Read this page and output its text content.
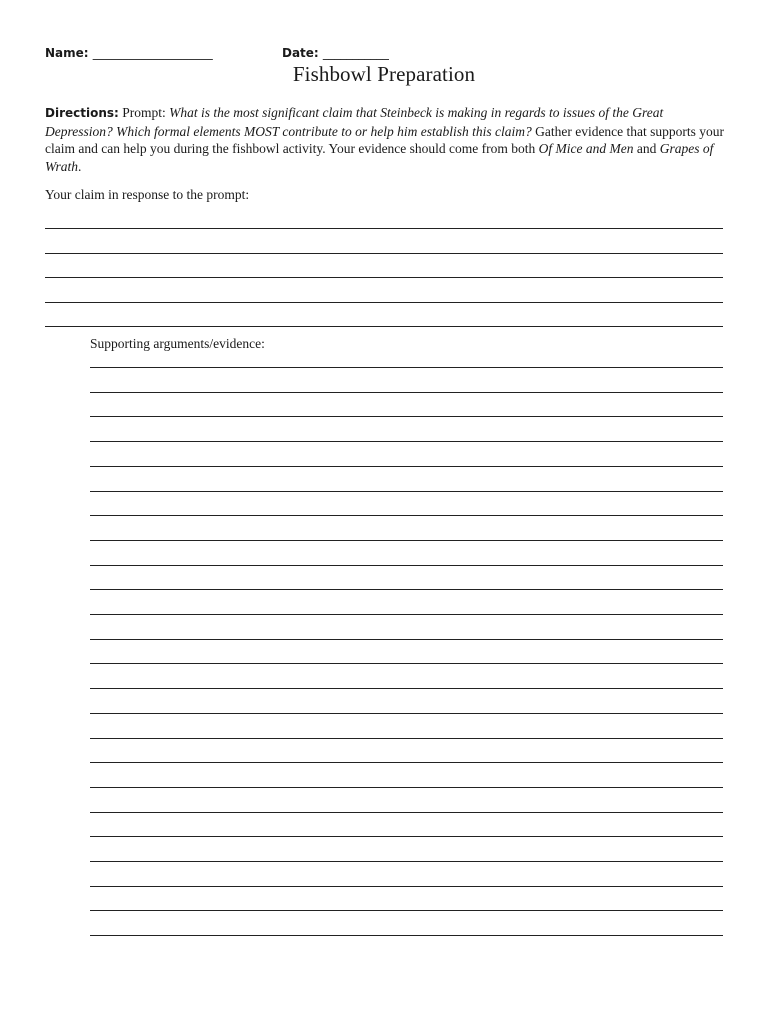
Name: ____________________	Date: ___________
Fishbowl Preparation
Directions: Prompt: What is the most significant claim that Steinbeck is making in regards to issues of the Great Depression? Which formal elements MOST contribute to or help him establish this claim? Gather evidence that supports your claim and can help you during the fishbowl activity. Your evidence should come from both Of Mice and Men and Grapes of Wrath.
Your claim in response to the prompt:
Supporting arguments/evidence:
